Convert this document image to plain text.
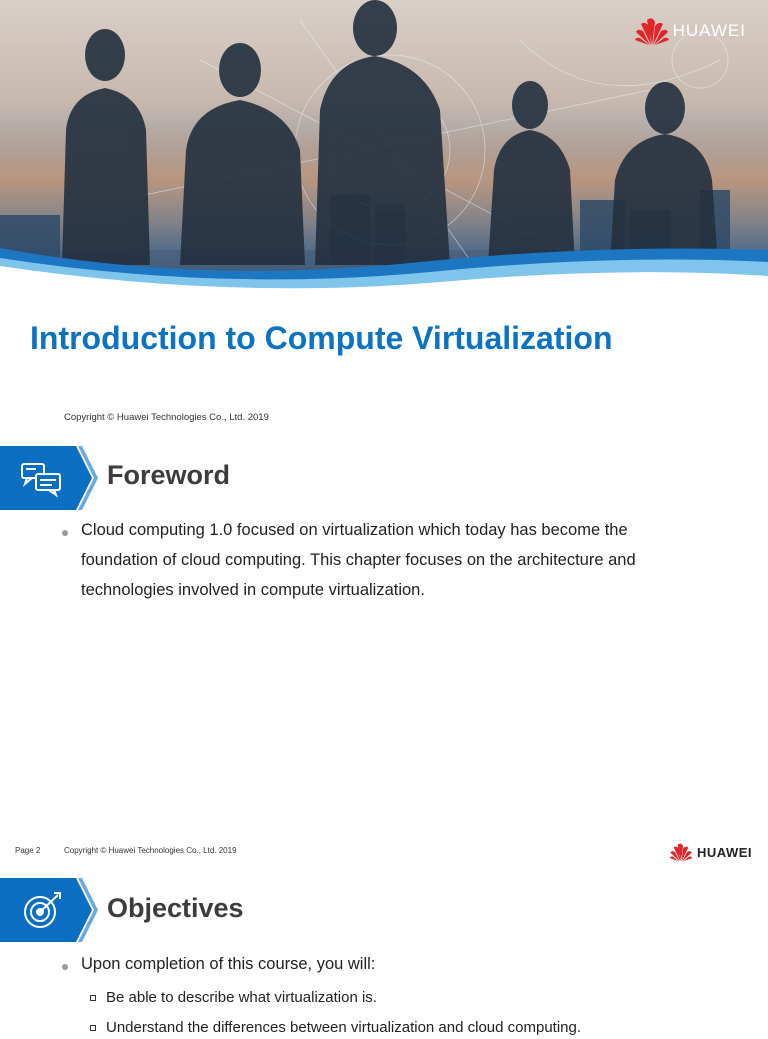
HUAWEI
Introduction to Compute Virtualization
Copyright © Huawei Technologies Co., Ltd. 2019
Foreword
Cloud computing 1.0 focused on virtualization which today has become the foundation of cloud computing. This chapter focuses on the architecture and technologies involved in compute virtualization.
Page 2	Copyright © Huawei Technologies Co., Ltd. 2019	HUAWEI
Objectives
Upon completion of this course, you will:
Be able to describe what virtualization is.
Understand the differences between virtualization and cloud computing.
